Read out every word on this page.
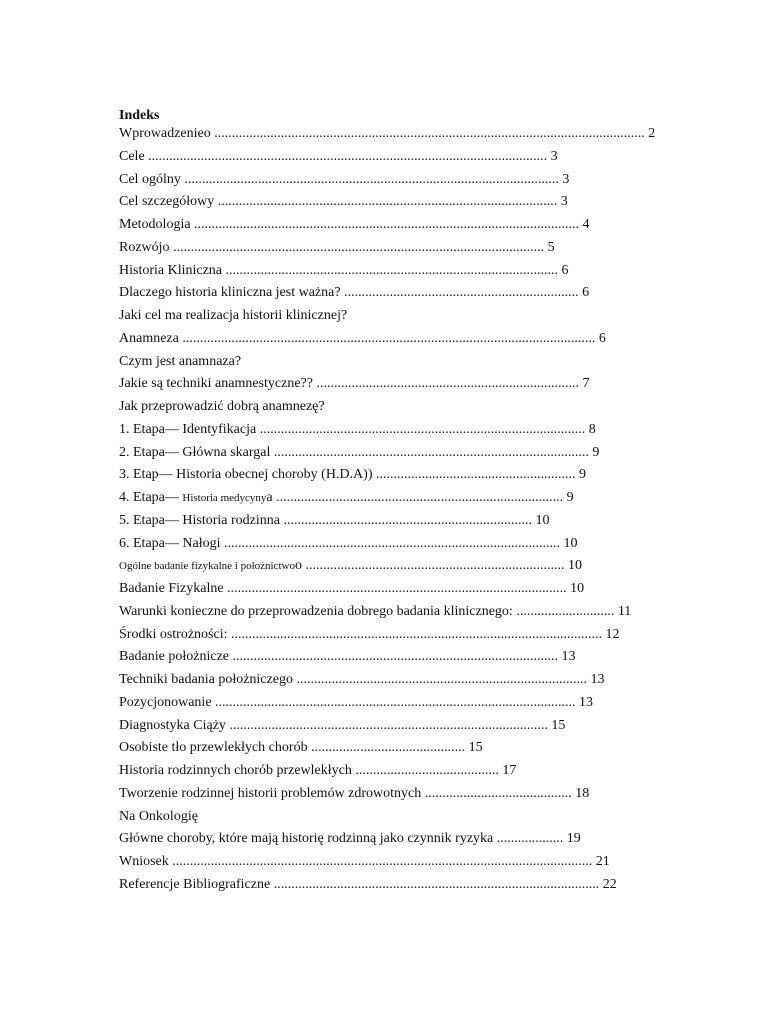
Indeks
Wprowadzenieo ........................................................................................................................... 2
Cele .................................................................................................................. 3
Cel ogólny ........................................................................................................... 3
Cel szczegółowy ................................................................................................. 3
Metodologia .............................................................................................................. 4
Rozwójo .......................................................................................................... 5
Historia Kliniczna ............................................................................................... 6
Dlaczego historia kliniczna jest ważna? ................................................................... 6
Jaki cel ma realizacja historii klinicznej?
Anamneza ...................................................................................................................... 6
Czym jest anamnaza?
Jakie są techniki anamnestyczne?? ........................................................................... 7
Jak przeprowadzić dobrą anamnezę?
1. Etapa— Identyfikacja ............................................................................................. 8
2. Etapa— Główna skargal .......................................................................................... 9
3. Etap— Historia obecnej choroby (H.D.A)) ......................................................... 9
4. Etapa— Historia medycynya .................................................................................. 9
5. Etapa— Historia rodzinna ....................................................................... 10
6. Etapa— Nałogi ................................................................................................ 10
Ogólne badanie fizykalne i położnictwoo .......................................................................... 10
Badanie Fizykalne ................................................................................................. 10
Warunki konieczne do przeprowadzenia dobrego badania klinicznego: ............................ 11
Środki ostrożności: .......................................................................................................... 12
Badanie położnicze ............................................................................................. 13
Techniki badania położniczego ................................................................................... 13
Pozycjonowanie ....................................................................................................... 13
Diagnostyka Ciąży ........................................................................................... 15
Osobiste tło przewlekłych chorób ............................................ 15
Historia rodzinnych chorób przewlekłych ......................................... 17
Tworzenie rodzinnej historii problemów zdrowotnych .......................................... 18
Na Onkologię
Główne choroby, które mają historię rodzinną jako czynnik ryzyka ................... 19
Wniosek ........................................................................................................................ 21
Referencje Bibliograficzne ............................................................................................. 22
